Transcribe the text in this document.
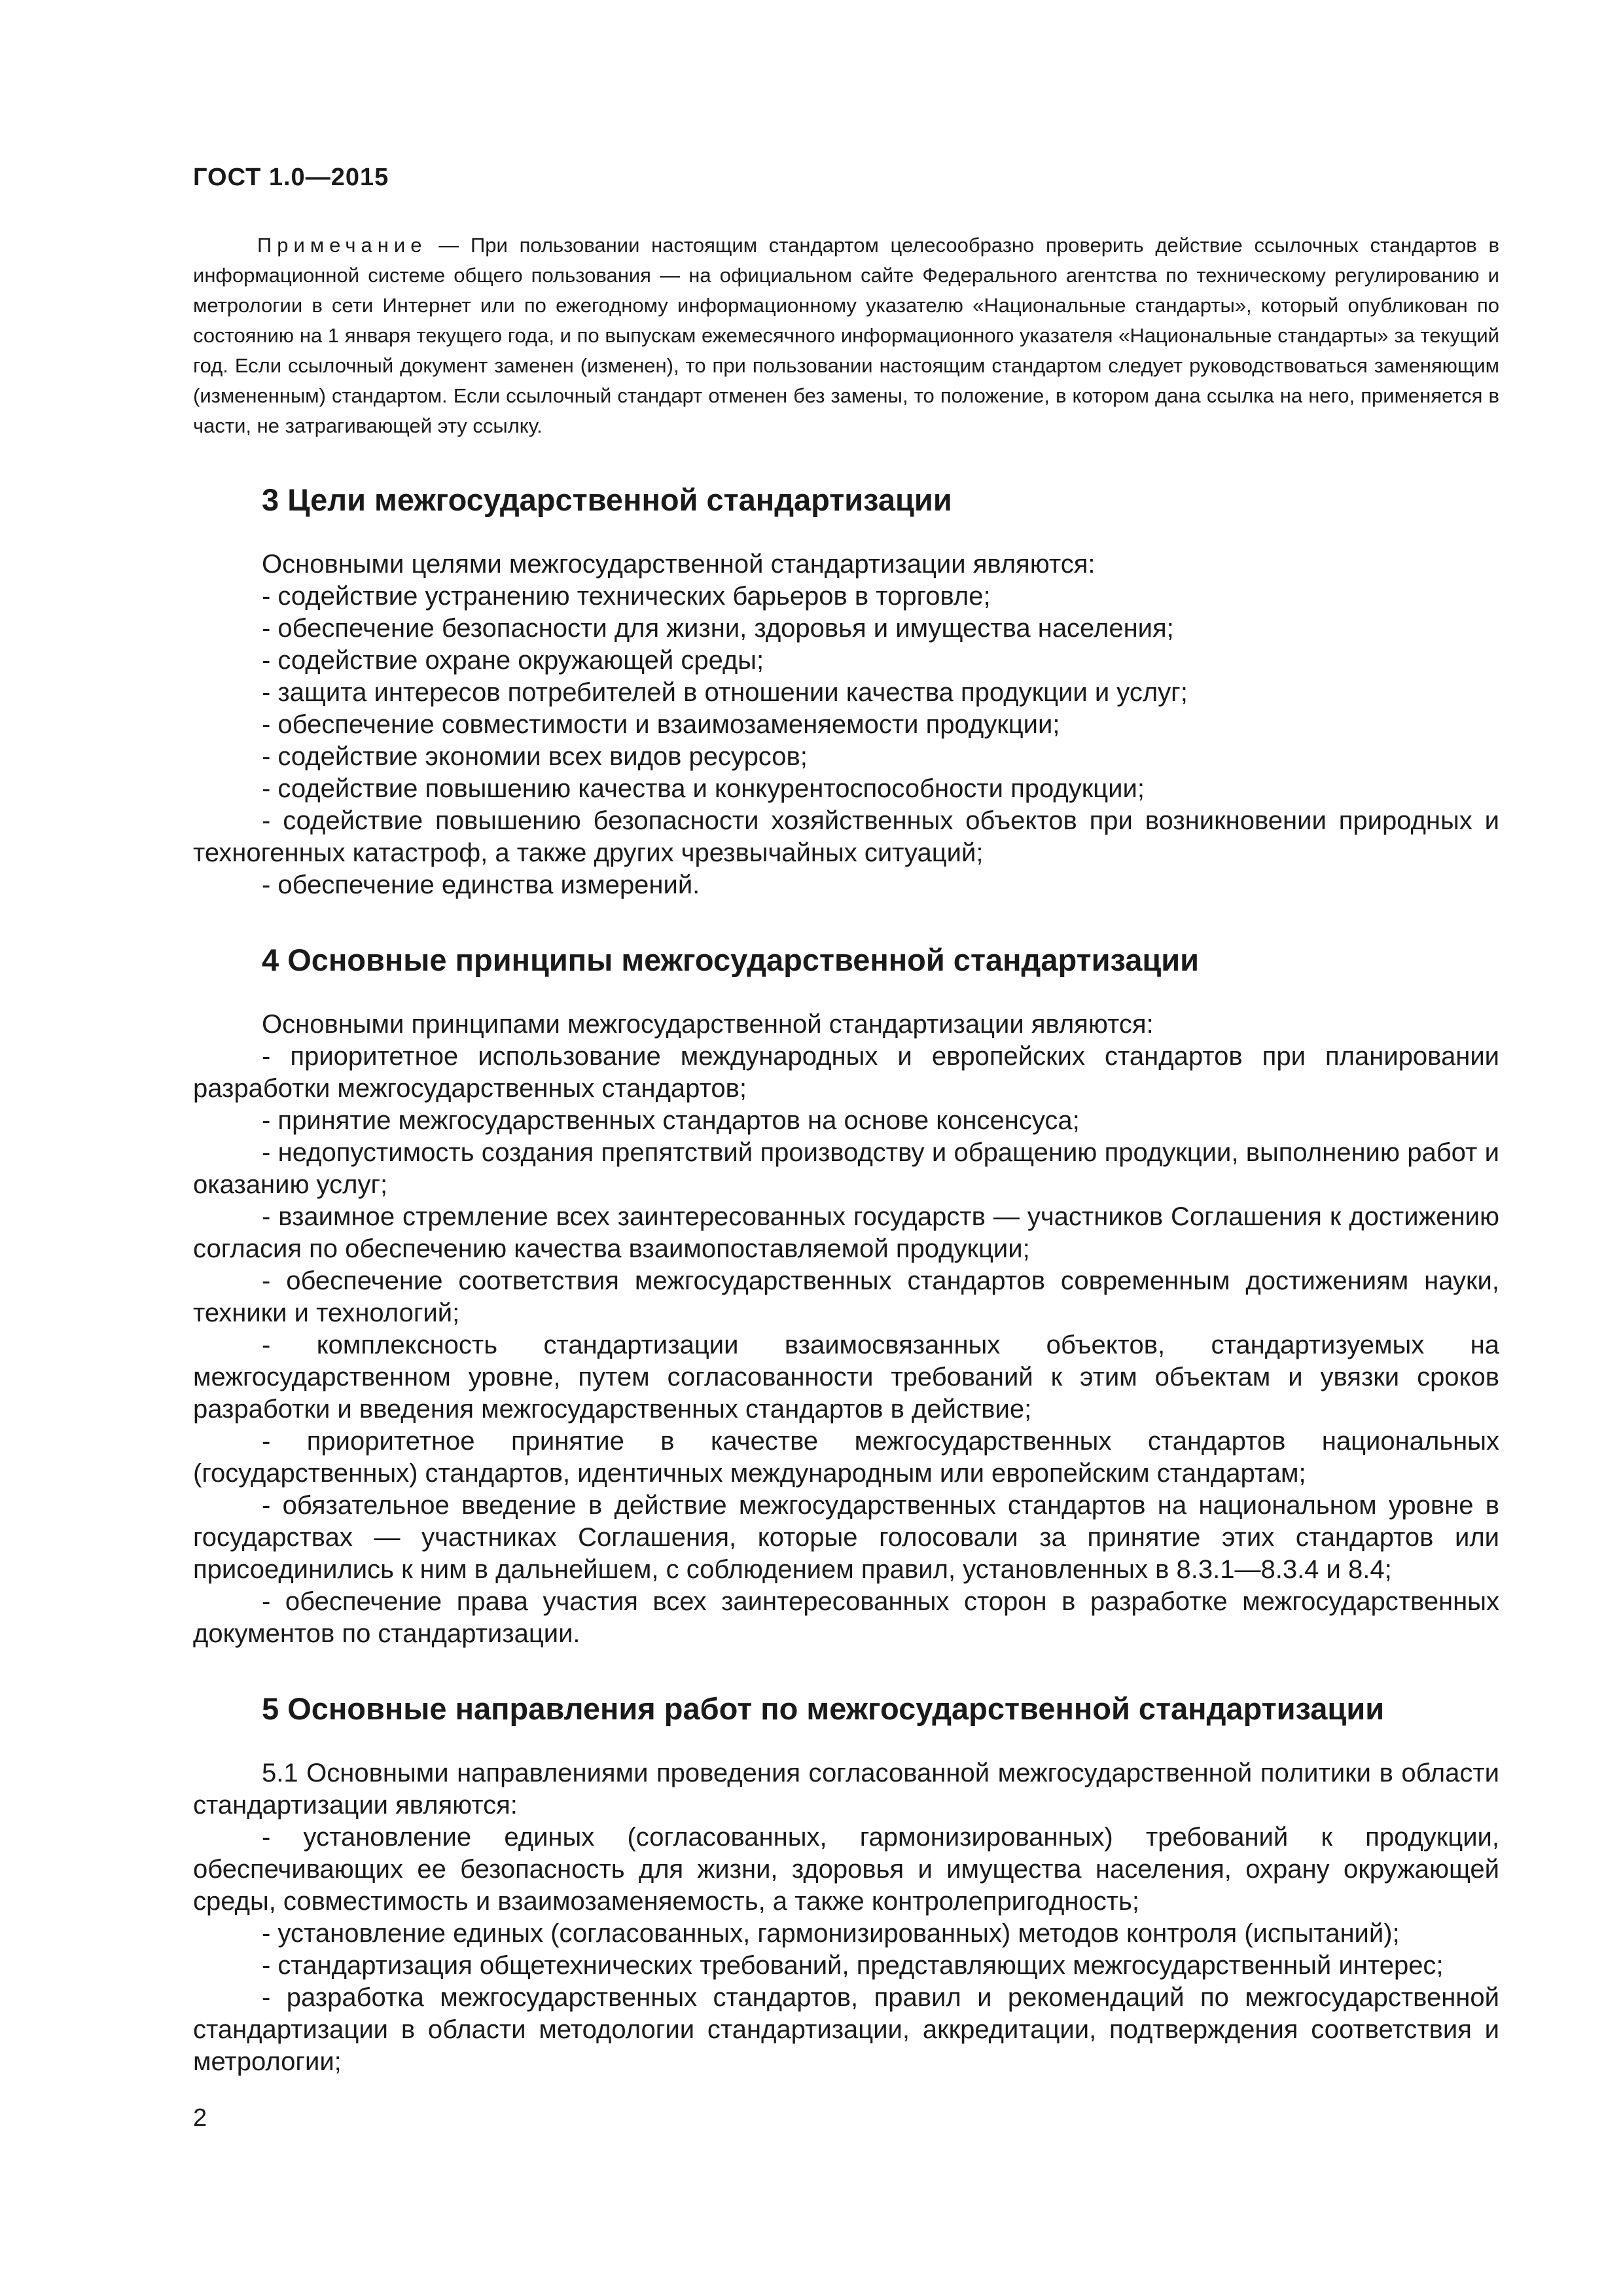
ГОСТ 1.0—2015

Примечание — При пользовании настоящим стандартом целесообразно проверить действие ссылочных стандартов в информационной системе общего пользования — на официальном сайте Федерального агентства по техническому регулированию и метрологии в сети Интернет или по ежегодному информационному указателю «Национальные стандарты», который опубликован по состоянию на 1 января текущего года, и по выпускам ежемесячного информационного указателя «Национальные стандарты» за текущий год. Если ссылочный документ заменен (изменен), то при пользовании настоящим стандартом следует руководствоваться заменяющим (измененным) стандартом. Если ссылочный стандарт отменен без замены, то положение, в котором дана ссылка на него, применяется в части, не затрагивающей эту ссылку.

3 Цели межгосударственной стандартизации

Основными целями межгосударственной стандартизации являются:

- содействие устранению технических барьеров в торговле;

- обеспечение безопасности для жизни, здоровья и имущества населения;

- содействие охране окружающей среды;

- защита интересов потребителей в отношении качества продукции и услуг;

- обеспечение совместимости и взаимозаменяемости продукции;

- содействие экономии всех видов ресурсов;

- содействие повышению качества и конкурентоспособности продукции;

- содействие повышению безопасности хозяйственных объектов при возникновении природных и техногенных катастроф, а также других чрезвычайных ситуаций;

- обеспечение единства измерений.

4 Основные принципы межгосударственной стандартизации

Основными принципами межгосударственной стандартизации являются:

- приоритетное использование международных и европейских стандартов при планировании разработки межгосударственных стандартов;

- принятие межгосударственных стандартов на основе консенсуса;

- недопустимость создания препятствий производству и обращению продукции, выполнению работ и оказанию услуг;

- взаимное стремление всех заинтересованных государств — участников Соглашения к достижению согласия по обеспечению качества взаимопоставляемой продукции;

- обеспечение соответствия межгосударственных стандартов современным достижениям науки, техники и технологий;

- комплексность стандартизации взаимосвязанных объектов, стандартизуемых на межгосударственном уровне, путем согласованности требований к этим объектам и увязки сроков разработки и введения межгосударственных стандартов в действие;

- приоритетное принятие в качестве межгосударственных стандартов национальных (государственных) стандартов, идентичных международным или европейским стандартам;

- обязательное введение в действие межгосударственных стандартов на национальном уровне в государствах — участниках Соглашения, которые голосовали за принятие этих стандартов или присоединились к ним в дальнейшем, с соблюдением правил, установленных в 8.3.1—8.3.4 и 8.4;

- обеспечение права участия всех заинтересованных сторон в разработке межгосударственных документов по стандартизации.

5 Основные направления работ по межгосударственной стандартизации

5.1 Основными направлениями проведения согласованной межгосударственной политики в области стандартизации являются:

- установление единых (согласованных, гармонизированных) требований к продукции, обеспечивающих ее безопасность для жизни, здоровья и имущества населения, охрану окружающей среды, совместимость и взаимозаменяемость, а также контролепригодность;

- установление единых (согласованных, гармонизированных) методов контроля (испытаний);

- стандартизация общетехнических требований, представляющих межгосударственный интерес;

- разработка межгосударственных стандартов, правил и рекомендаций по межгосударственной стандартизации в области методологии стандартизации, аккредитации, подтверждения соответствия и метрологии;

2
